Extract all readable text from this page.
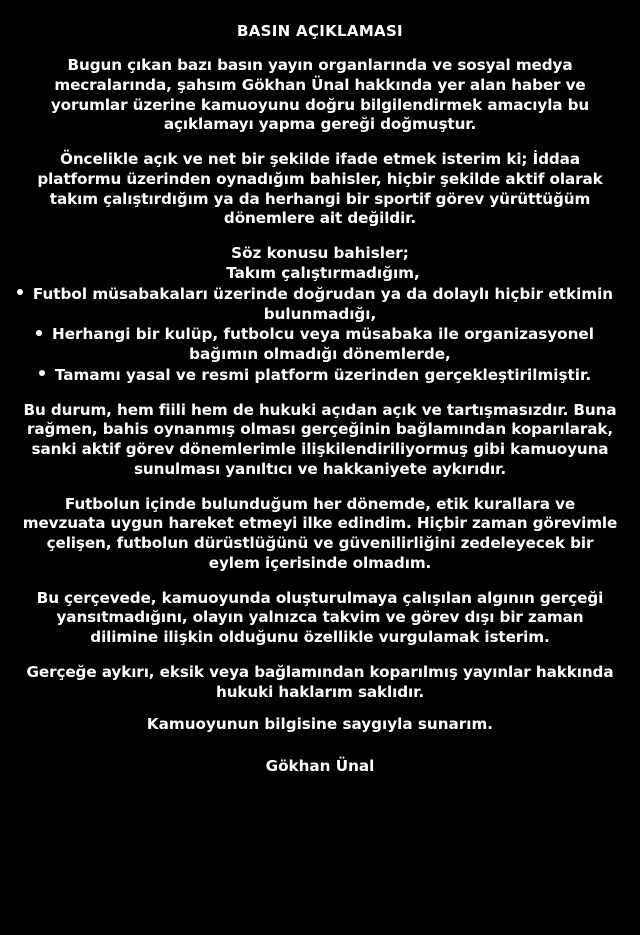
BASIN AÇIKLAMASI

Bugun çıkan bazı basın yayın organlarında ve sosyal medya mecralarında, şahsım Gökhan Ünal hakkında yer alan haber ve yorumlar üzerine kamuoyunu doğru bilgilendirmek amacıyla bu açıklamayı yapma gereği doğmuştur.

Öncelikle açık ve net bir şekilde ifade etmek isterim ki; İddaa platformu üzerinden oynadığım bahisler, hiçbir şekilde aktif olarak takım çalıştırdığım ya da herhangi bir sportif görev yürüttüğüm dönemlere ait değildir.

Söz konusu bahisler;
Takım çalıştırmadığım,
Futbol müsabakaları üzerinde doğrudan ya da dolaylı hiçbir etkimin bulunmadığı,
Herhangi bir kulüp, futbolcu veya müsabaka ile organizasyonel bağımın olmadığı dönemlerde,
Tamamı yasal ve resmi platform üzerinden gerçekleştirilmiştir.

Bu durum, hem fiili hem de hukuki açıdan açık ve tartışmasızdır. Buna rağmen, bahis oynanmış olması gerçeğinin bağlamından koparılarak, sanki aktif görev dönemlerimle ilişkilendiriliyormuş gibi kamuoyuna sunulması yanıltıcı ve hakkaniyete aykırıdır.

Futbolun içinde bulunduğum her dönemde, etik kurallara ve mevzuata uygun hareket etmeyi ilke edindim. Hiçbir zaman görevimle çelişen, futbolun dürüstlüğünü ve güvenilirliğini zedeleyecek bir eylem içerisinde olmadım.

Bu çerçevede, kamuoyunda oluşturulmaya çalışılan algının gerçeği yansıtmadığını, olayın yalnızca takvim ve görev dışı bir zaman dilimine ilişkin olduğunu özellikle vurgulamak isterim.

Gerçeğe aykırı, eksik veya bağlamından koparılmış yayınlar hakkında hukuki haklarım saklıdır.

Kamuoyunun bilgisine saygıyla sunarım.
Gökhan Ünal
